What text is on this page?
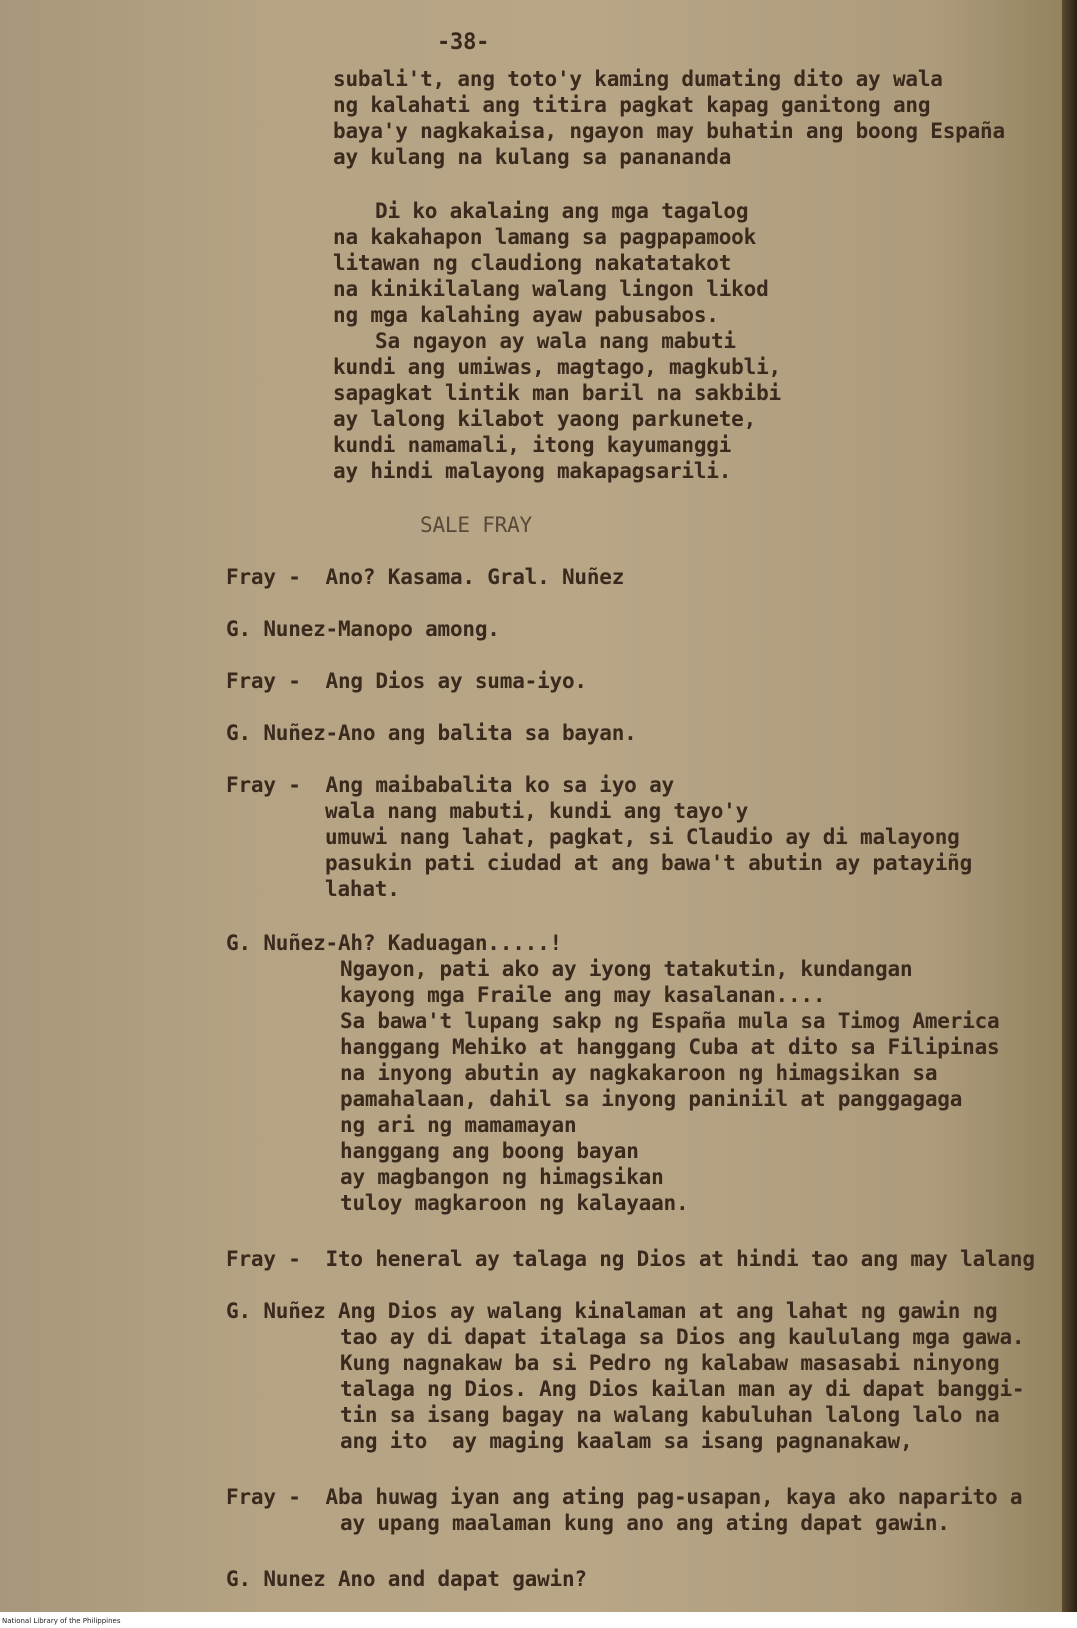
-38-
subali't, ang toto'y kaming dumating dito ay wala
ng kalahati ang titira pagkat kapag ganitong ang
baya'y nagkakaisa, ngayon may buhatin ang boong España
ay kulang na kulang sa panananda
Di ko akalaing ang mga tagalog
na kakahapon lamang sa pagpapamook
litawan ng claudiong nakatatakot
na kinikilalang walang lingon likod
ng mga kalahing ayaw pabusabos.
Sa ngayon ay wala nang mabuti
kundi ang umiwas, magtago, magkubli,
sapagkat lintik man baril na sakbibi
ay lalong kilabot yaong parkunete,
kundi namamali, itong kayumanggi
ay hindi malayong makapagsarili.
SALE FRAY
Fray -  Ano? Kasama. Gral. Nuñez
G. Nunez-Manopo among.
Fray -  Ang Dios ay suma-iyo.
G. Nuñez-Ano ang balita sa bayan.
Fray -  Ang maibabalita ko sa iyo ay
wala nang mabuti, kundi ang tayo'y
umuwi nang lahat, pagkat, si Claudio ay di malayong
pasukin pati ciudad at ang bawa't abutin ay patayiñg
lahat.
G. Nuñez-Ah? Kaduagan.....!
Ngayon, pati ako ay iyong tatakutin, kundangan
kayong mga Fraile ang may kasalanan....
Sa bawa't lupang sakp ng España mula sa Timog America
hanggang Mehiko at hanggang Cuba at dito sa Filipinas
na inyong abutin ay nagkakaroon ng himagsikan sa
pamahalaan, dahil sa inyong paniniil at panggagaga
ng ari ng mamamayan
hanggang ang boong bayan
ay magbangon ng himagsikan
tuloy magkaroon ng kalayaan.
Fray -  Ito heneral ay talaga ng Dios at hindi tao ang may lalang
G. Nuñez Ang Dios ay walang kinalaman at ang lahat ng gawin ng
tao ay di dapat italaga sa Dios ang kaululang mga gawa.
Kung nagnakaw ba si Pedro ng kalabaw masasabi ninyong
talaga ng Dios. Ang Dios kailan man ay di dapat banggi-
tin sa isang bagay na walang kabuluhan lalong lalo na
ang ito  ay maging kaalam sa isang pagnanakaw,
Fray -  Aba huwag iyan ang ating pag-usapan, kaya ako naparito a
ay upang maalaman kung ano ang ating dapat gawin.
G. Nunez Ano and dapat gawin?
National Library of the Philippines
